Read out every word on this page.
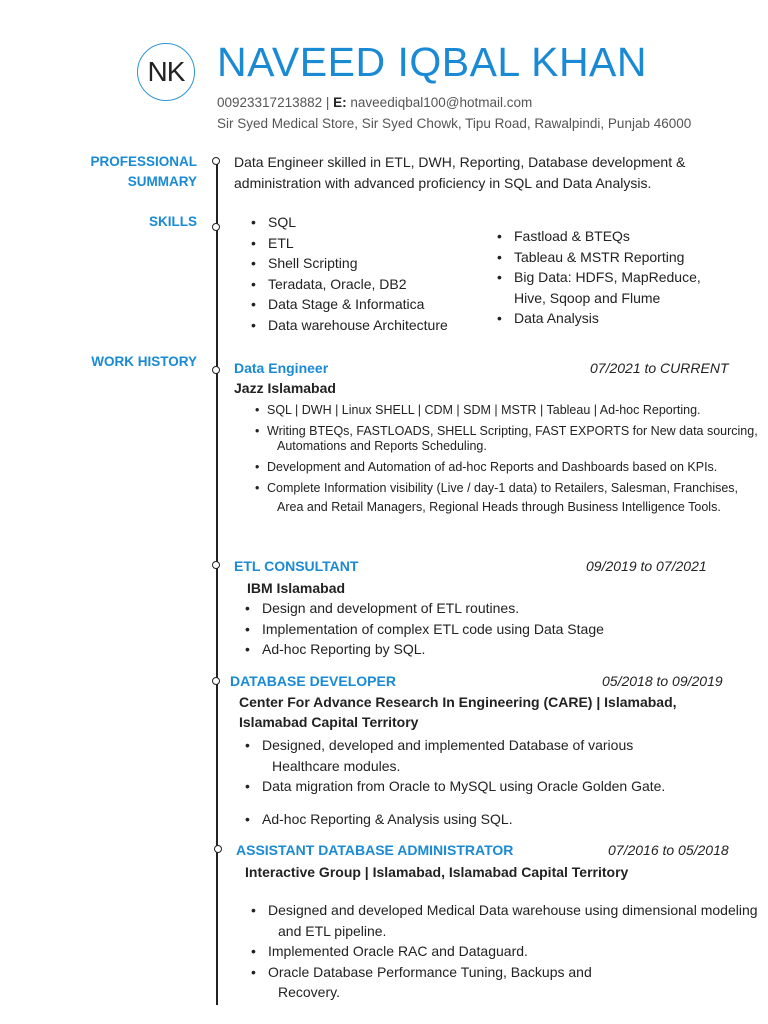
NK NAVEED IQBAL KHAN
00923317213882 | E: naveediqbal100@hotmail.com
Sir Syed Medical Store, Sir Syed Chowk, Tipu Road, Rawalpindi, Punjab 46000
PROFESSIONAL
SUMMARY
Data Engineer skilled in ETL, DWH, Reporting, Database development & administration with advanced proficiency in SQL and Data Analysis.
SKILLS
•	SQL
• ETL
• Shell Scripting
• Teradata, Oracle, DB2
• Data Stage & Informatica
• Data warehouse Architecture
• Fastload & BTEQs
• Tableau & MSTR Reporting
• Big Data: HDFS, MapReduce, Hive, Sqoop and Flume
• Data Analysis
WORK HISTORY	Data Engineer	07/2021 to CURRENT
Jazz Islamabad
• SQL | DWH | Linux SHELL | CDM | SDM | MSTR | Tableau | Ad-hoc Reporting.
• Writing BTEQs, FASTLOADS, SHELL Scripting, FAST EXPORTS for New data sourcing,
Automations and Reports Scheduling.
• Development and Automation of ad-hoc Reports and Dashboards based on KPIs.
• Complete Information visibility (Live / day-1 data) to Retailers, Salesman, Franchises,
Area and Retail Managers, Regional Heads through Business Intelligence Tools.
ETL CONSULTANT	09/2019 to 07/2021
IBM Islamabad
• Design and development of ETL routines.
• Implementation of complex ETL code using Data Stage
• Ad-hoc Reporting by SQL.
DATABASE DEVELOPER	05/2018 to 09/2019
Center For Advance Research In Engineering (CARE) | Islamabad,
Islamabad Capital Territory
• Designed, developed and implemented Database of various
Healthcare modules.
• Data migration from Oracle to MySQL using Oracle Golden Gate.
• Ad-hoc Reporting & Analysis using SQL.
ASSISTANT DATABASE ADMINISTRATOR	07/2016 to 05/2018
Interactive Group | Islamabad, Islamabad Capital Territory
• Designed and developed Medical Data warehouse using dimensional modeling
and ETL pipeline.
• Implemented Oracle RAC and Dataguard.
• Oracle Database Performance Tuning, Backups and
Recovery.
